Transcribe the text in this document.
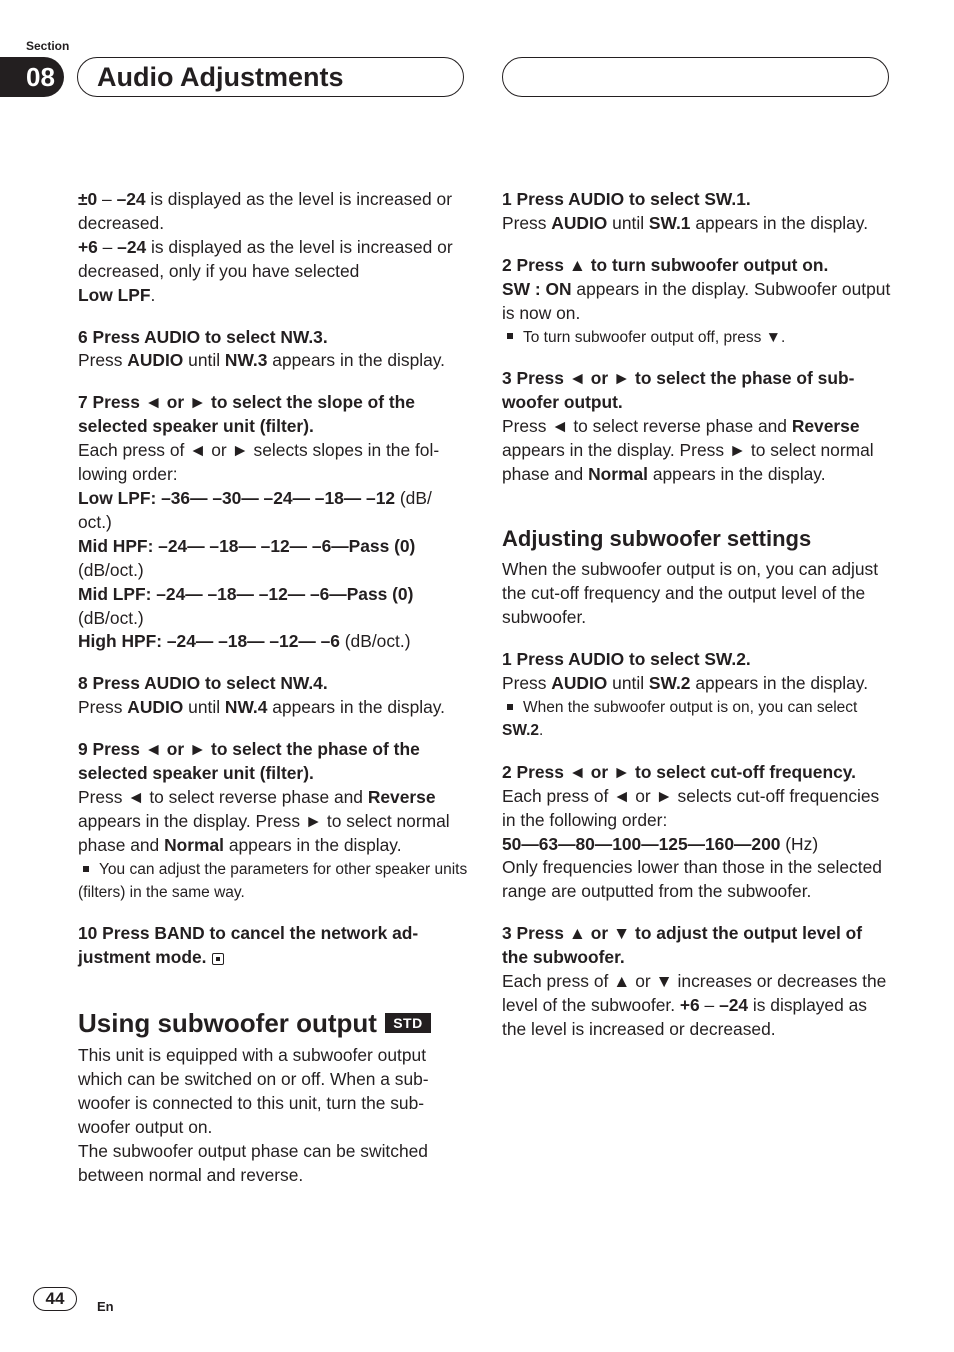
Section
08	Audio Adjustments

±0 – –24 is displayed as the level is increased or decreased.

+6 – –24 is displayed as the level is increased or decreased, only if you have selected
Low LPF.

6 Press AUDIO to select NW.3.

Press AUDIO until NW.3 appears in the display.

7 Press ◄ or ► to select the slope of the selected speaker unit (filter).

Each press of ◄ or ► selects slopes in the following order:

Low LPF: –36— –30— –24— –18— –12 (dB/ oct.)

Mid HPF: –24— –18— –12— –6—Pass (0) (dB/oct.)

Mid LPF: –24— –18— –12— –6—Pass (0) (dB/oct.)

High HPF: –24— –18— –12— –6 (dB/oct.)

8 Press AUDIO to select NW.4.

Press AUDIO until NW.4 appears in the display.

9 Press ◄ or ► to select the phase of the selected speaker unit (filter).

Press ◄ to select reverse phase and Reverse appears in the display. Press ► to select normal phase and Normal appears in the display.

You can adjust the parameters for other speaker units (filters) in the same way.

10 Press BAND to cancel the network adjustment mode.

Using subwoofer output	STD

This unit is equipped with a subwoofer output which can be switched on or off. When a subwoofer is connected to this unit, turn the subwoofer output on.

The subwoofer output phase can be switched between normal and reverse.

1 Press AUDIO to select SW.1.

Press AUDIO until SW.1 appears in the display.

2 Press ▲ to turn subwoofer output on.

SW : ON appears in the display. Subwoofer output is now on.

To turn subwoofer output off, press ▼.

3 Press ◄ or ► to select the phase of subwoofer output.

Press ◄ to select reverse phase and Reverse appears in the display. Press ► to select normal phase and Normal appears in the display.

Adjusting subwoofer settings

When the subwoofer output is on, you can adjust the cut-off frequency and the output level of the subwoofer.

1 Press AUDIO to select SW.2.

Press AUDIO until SW.2 appears in the display.

When the subwoofer output is on, you can select SW.2.

2 Press ◄ or ► to select cut-off frequency.

Each press of ◄ or ► selects cut-off frequencies in the following order:

50—63—80—100—125—160—200 (Hz)

Only frequencies lower than those in the selected range are outputted from the subwoofer.

3 Press ▲ or ▼ to adjust the output level of the subwoofer.

Each press of ▲ or ▼ increases or decreases the level of the subwoofer. +6 – –24 is displayed as the level is increased or decreased.

44	En
